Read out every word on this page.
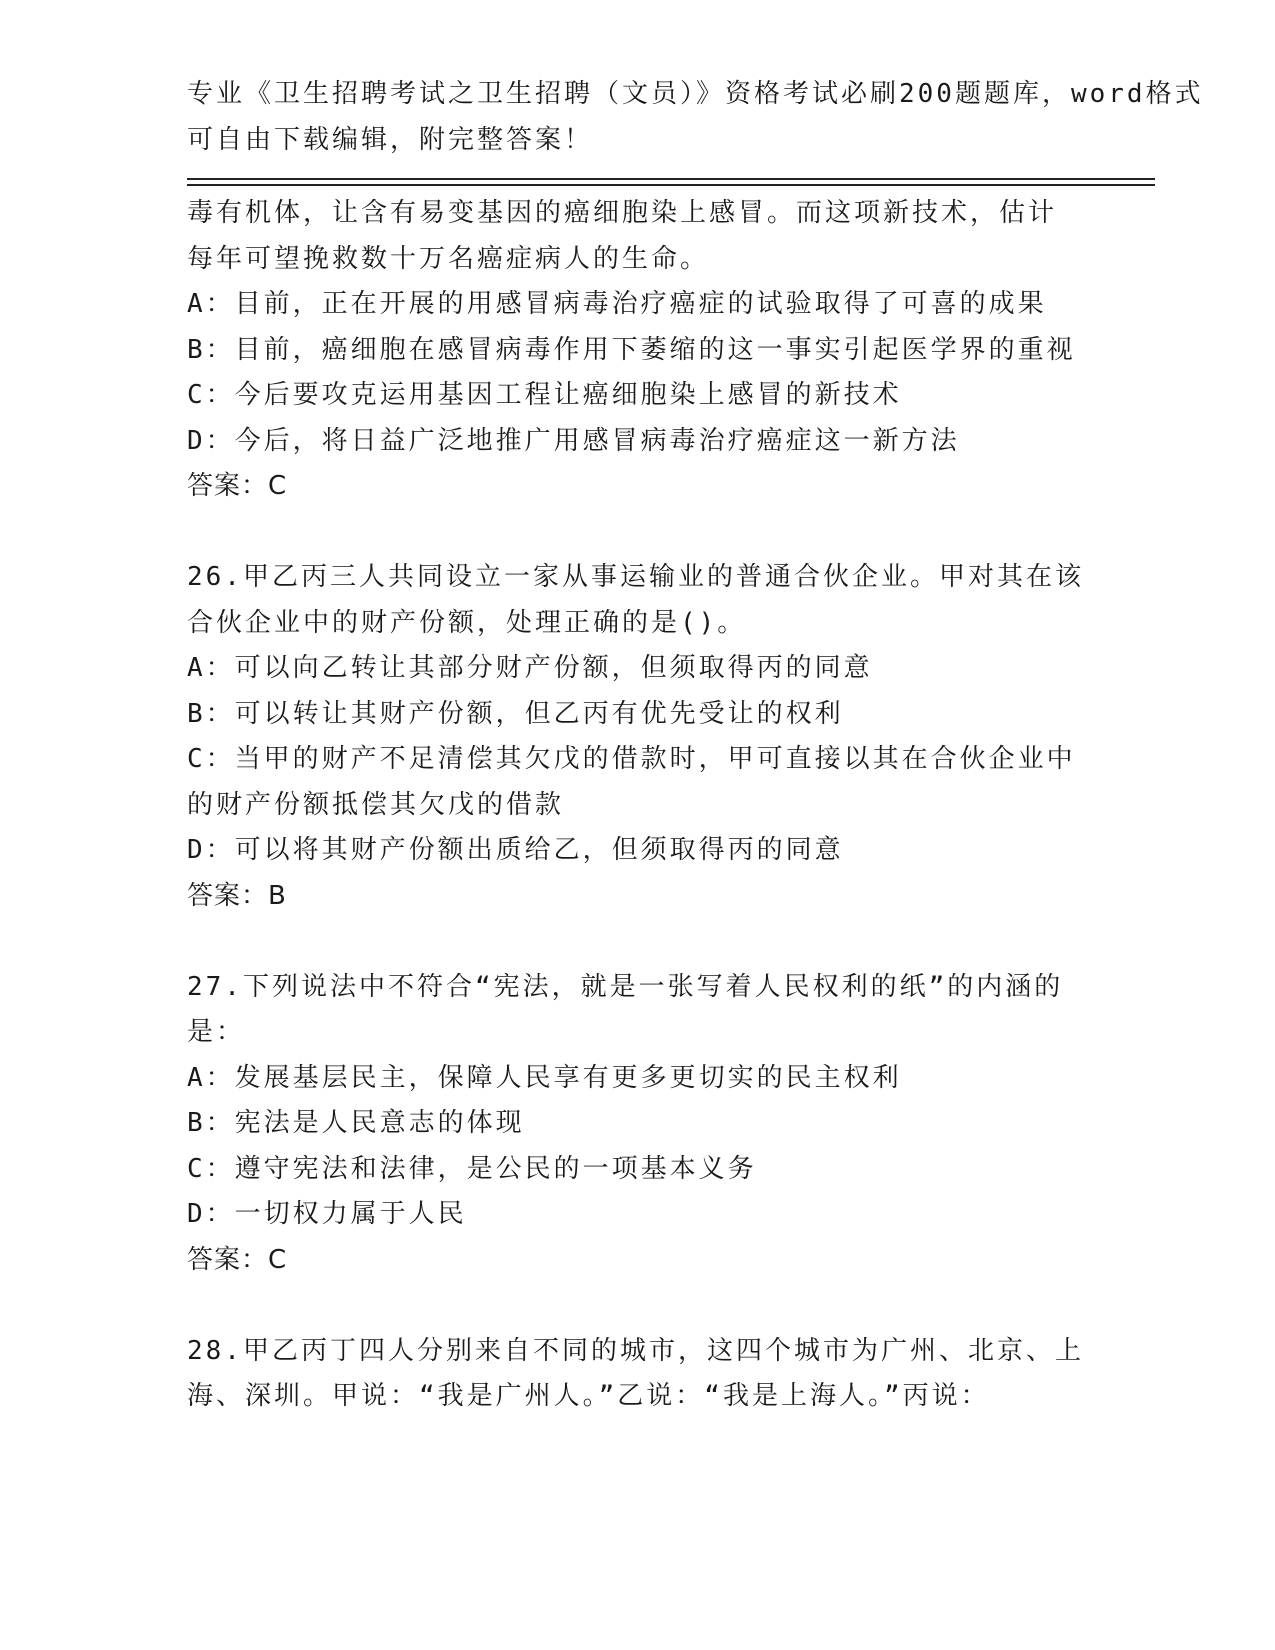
专业《卫生招聘考试之卫生招聘（文员）》资格考试必刷200题题库，word格式
可自由下载编辑，附完整答案！
毒有机体，让含有易变基因的癌细胞染上感冒。而这项新技术，估计
每年可望挽救数十万名癌症病人的生命。
A：目前，正在开展的用感冒病毒治疗癌症的试验取得了可喜的成果
B：目前，癌细胞在感冒病毒作用下萎缩的这一事实引起医学界的重视
C：今后要攻克运用基因工程让癌细胞染上感冒的新技术
D：今后，将日益广泛地推广用感冒病毒治疗癌症这一新方法
答案：C
26.甲乙丙三人共同设立一家从事运输业的普通合伙企业。甲对其在该
合伙企业中的财产份额，处理正确的是()。
A：可以向乙转让其部分财产份额，但须取得丙的同意
B：可以转让其财产份额，但乙丙有优先受让的权利
C：当甲的财产不足清偿其欠戊的借款时，甲可直接以其在合伙企业中
的财产份额抵偿其欠戊的借款
D：可以将其财产份额出质给乙，但须取得丙的同意
答案：B
27.下列说法中不符合“宪法，就是一张写着人民权利的纸”的内涵的
是：
A：发展基层民主，保障人民享有更多更切实的民主权利
B：宪法是人民意志的体现
C：遵守宪法和法律，是公民的一项基本义务
D：一切权力属于人民
答案：C
28.甲乙丙丁四人分别来自不同的城市，这四个城市为广州、北京、上
海、深圳。甲说：“我是广州人。”乙说：“我是上海人。”丙说：
